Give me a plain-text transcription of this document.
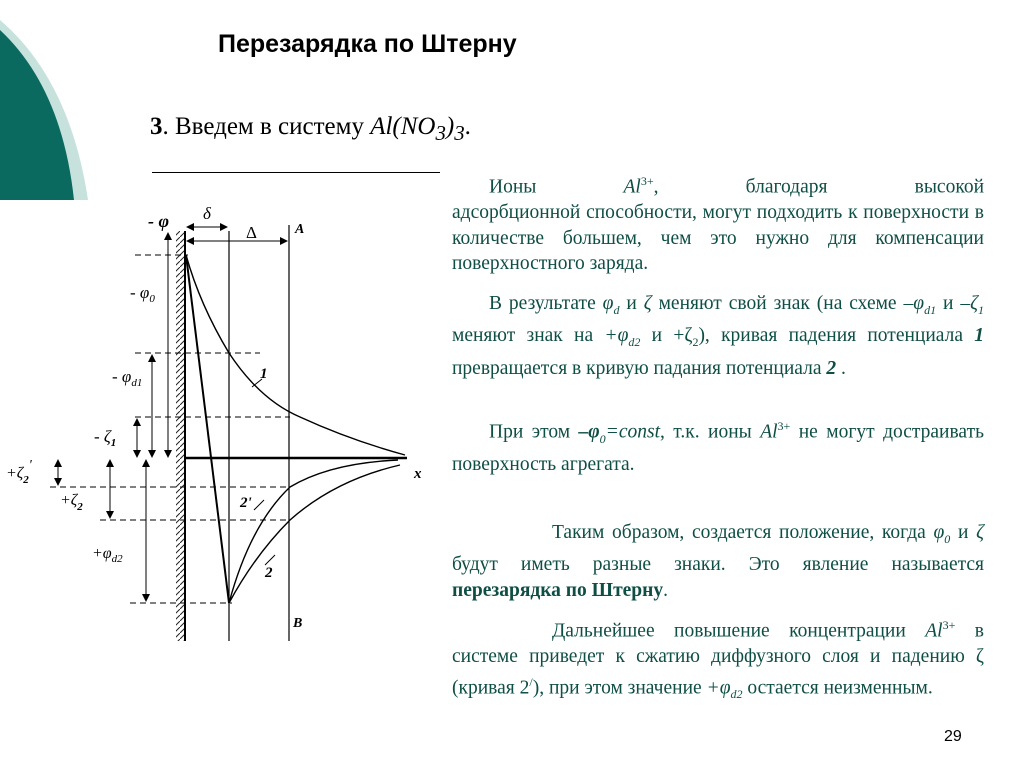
Перезарядка по Штерну

3. Введем в систему $Al(NO_3)_3$.

- φ δ
Δ	A
- $\varphi_0$
- $\varphi_{d1}$
- $\zeta_1$
$+\zeta_2'$
$+\zeta_2$
$+\varphi_{d2}$
x
B
1
2'
2

Ионы	$Al^{3+}$,	благодаря	высокой
адсорбционной способности, могут подходить к поверхности в количестве большем, чем это нужно для компенсации поверхностного заряда.

В результате $\varphi_d$ и ζ меняют свой знак (на схеме $-\varphi_{d1}$ и $-\zeta_1$ меняют знак на $+\varphi_{d2}$ $и +\zeta_2$), кривая падения потенциала 1 превращается в кривую падания потенциала 2 .

При этом $-\varphi_0=const$, т.к. ионы $Al^{3+}$ не могут достраивать поверхность агрегата.

Таким образом, создается положение, когда $\varphi_0$ и ζ будут иметь разные знаки. Это явление называется перезарядка по Штерну.

Дальнейшее повышение концентрации $Al^{3+}$ в системе приведет к сжатию диффузного слоя и падению ζ (кривая 2/), при этом значение $+\varphi_{d2}$ остается неизменным.

29
